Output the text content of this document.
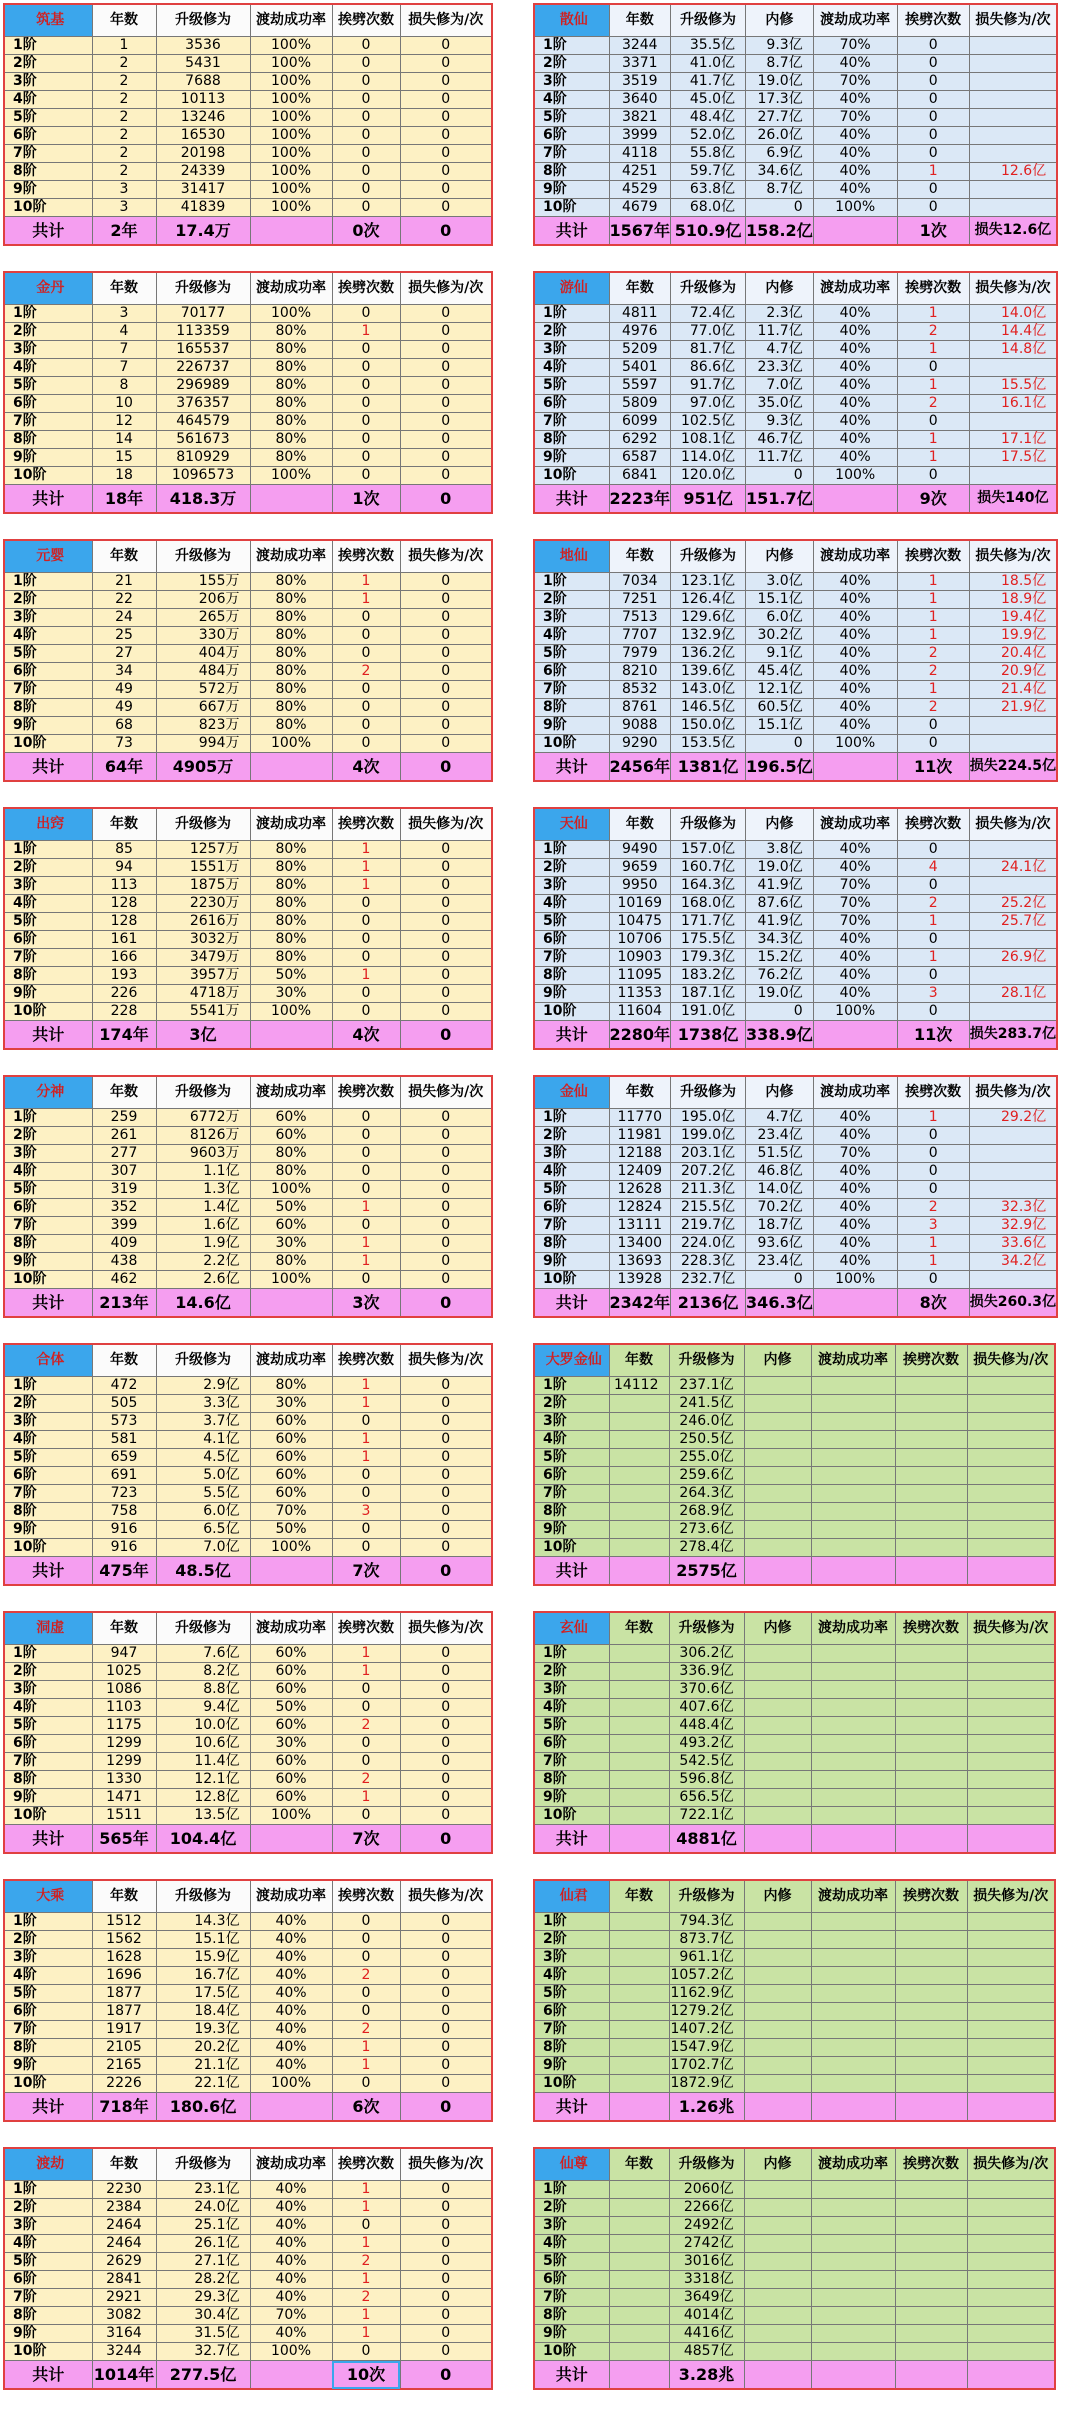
筑基	年数	升级修为	渡劫成功率	挨劈次数	损失修为/次
1阶	1	3536	100%	0	0
2阶	2	5431	100%	0	0
3阶	2	7688	100%	0	0
4阶	2	10113	100%	0	0
5阶	2	13246	100%	0	0
6阶	2	16530	100%	0	0
7阶	2	20198	100%	0	0
8阶	2	24339	100%	0	0
9阶	3	31417	100%	0	0
10阶	3	41839	100%	0	0
共计	2年	17.4万		0次	0
金丹	年数	升级修为	渡劫成功率	挨劈次数	损失修为/次
1阶	3	70177	100%	0	0
2阶	4	113359	80%	1	0
3阶	7	165537	80%	0	0
4阶	7	226737	80%	0	0
5阶	8	296989	80%	0	0
6阶	10	376357	80%	0	0
7阶	12	464579	80%	0	0
8阶	14	561673	80%	0	0
9阶	15	810929	80%	0	0
10阶	18	1096573	100%	0	0
共计	18年	418.3万		1次	0
元婴	年数	升级修为	渡劫成功率	挨劈次数	损失修为/次
1阶	21	155万	80%	1	0
2阶	22	206万	80%	1	0
3阶	24	265万	80%	0	0
4阶	25	330万	80%	0	0
5阶	27	404万	80%	0	0
6阶	34	484万	80%	2	0
7阶	49	572万	80%	0	0
8阶	49	667万	80%	0	0
9阶	68	823万	80%	0	0
10阶	73	994万	100%	0	0
共计	64年	4905万		4次	0
出窍	年数	升级修为	渡劫成功率	挨劈次数	损失修为/次
1阶	85	1257万	80%	1	0
2阶	94	1551万	80%	1	0
3阶	113	1875万	80%	1	0
4阶	128	2230万	80%	0	0
5阶	128	2616万	80%	0	0
6阶	161	3032万	80%	0	0
7阶	166	3479万	80%	0	0
8阶	193	3957万	50%	1	0
9阶	226	4718万	30%	0	0
10阶	228	5541万	100%	0	0
共计	174年	3亿		4次	0
分神	年数	升级修为	渡劫成功率	挨劈次数	损失修为/次
1阶	259	6772万	60%	0	0
2阶	261	8126万	60%	0	0
3阶	277	9603万	80%	0	0
4阶	307	1.1亿	80%	0	0
5阶	319	1.3亿	100%	0	0
6阶	352	1.4亿	50%	1	0
7阶	399	1.6亿	60%	0	0
8阶	409	1.9亿	30%	1	0
9阶	438	2.2亿	80%	1	0
10阶	462	2.6亿	100%	0	0
共计	213年	14.6亿		3次	0
合体	年数	升级修为	渡劫成功率	挨劈次数	损失修为/次
1阶	472	2.9亿	80%	1	0
2阶	505	3.3亿	30%	1	0
3阶	573	3.7亿	60%	0	0
4阶	581	4.1亿	60%	1	0
5阶	659	4.5亿	60%	1	0
6阶	691	5.0亿	60%	0	0
7阶	723	5.5亿	60%	0	0
8阶	758	6.0亿	70%	3	0
9阶	916	6.5亿	50%	0	0
10阶	916	7.0亿	100%	0	0
共计	475年	48.5亿		7次	0
洞虚	年数	升级修为	渡劫成功率	挨劈次数	损失修为/次
1阶	947	7.6亿	60%	1	0
2阶	1025	8.2亿	60%	1	0
3阶	1086	8.8亿	60%	0	0
4阶	1103	9.4亿	50%	0	0
5阶	1175	10.0亿	60%	2	0
6阶	1299	10.6亿	30%	0	0
7阶	1299	11.4亿	60%	0	0
8阶	1330	12.1亿	60%	2	0
9阶	1471	12.8亿	60%	1	0
10阶	1511	13.5亿	100%	0	0
共计	565年	104.4亿		7次	0
大乘	年数	升级修为	渡劫成功率	挨劈次数	损失修为/次
1阶	1512	14.3亿	40%	0	0
2阶	1562	15.1亿	40%	0	0
3阶	1628	15.9亿	40%	0	0
4阶	1696	16.7亿	40%	2	0
5阶	1877	17.5亿	40%	0	0
6阶	1877	18.4亿	40%	0	0
7阶	1917	19.3亿	40%	2	0
8阶	2105	20.2亿	40%	1	0
9阶	2165	21.1亿	40%	1	0
10阶	2226	22.1亿	100%	0	0
共计	718年	180.6亿		6次	0
渡劫	年数	升级修为	渡劫成功率	挨劈次数	损失修为/次
1阶	2230	23.1亿	40%	1	0
2阶	2384	24.0亿	40%	1	0
3阶	2464	25.1亿	40%	0	0
4阶	2464	26.1亿	40%	1	0
5阶	2629	27.1亿	40%	2	0
6阶	2841	28.2亿	40%	1	0
7阶	2921	29.3亿	40%	2	0
8阶	3082	30.4亿	70%	1	0
9阶	3164	31.5亿	40%	1	0
10阶	3244	32.7亿	100%	0	0
共计	1014年	277.5亿		10次	0
散仙	年数	升级修为	内修	渡劫成功率	挨劈次数	损失修为/次
1阶	3244	35.5亿	9.3亿	70%	0	
2阶	3371	41.0亿	8.7亿	40%	0	
3阶	3519	41.7亿	19.0亿	70%	0	
4阶	3640	45.0亿	17.3亿	40%	0	
5阶	3821	48.4亿	27.7亿	70%	0	
6阶	3999	52.0亿	26.0亿	40%	0	
7阶	4118	55.8亿	6.9亿	40%	0	
8阶	4251	59.7亿	34.6亿	40%	1	12.6亿
9阶	4529	63.8亿	8.7亿	40%	0	
10阶	4679	68.0亿	0	100%	0	
共计	1567年	510.9亿	158.2亿		1次	损失12.6亿
游仙	年数	升级修为	内修	渡劫成功率	挨劈次数	损失修为/次
1阶	4811	72.4亿	2.3亿	40%	1	14.0亿
2阶	4976	77.0亿	11.7亿	40%	2	14.4亿
3阶	5209	81.7亿	4.7亿	40%	1	14.8亿
4阶	5401	86.6亿	23.3亿	40%	0	
5阶	5597	91.7亿	7.0亿	40%	1	15.5亿
6阶	5809	97.0亿	35.0亿	40%	2	16.1亿
7阶	6099	102.5亿	9.3亿	40%	0	
8阶	6292	108.1亿	46.7亿	40%	1	17.1亿
9阶	6587	114.0亿	11.7亿	40%	1	17.5亿
10阶	6841	120.0亿	0	100%	0	
共计	2223年	951亿	151.7亿		9次	损失140亿
地仙	年数	升级修为	内修	渡劫成功率	挨劈次数	损失修为/次
1阶	7034	123.1亿	3.0亿	40%	1	18.5亿
2阶	7251	126.4亿	15.1亿	40%	1	18.9亿
3阶	7513	129.6亿	6.0亿	40%	1	19.4亿
4阶	7707	132.9亿	30.2亿	40%	1	19.9亿
5阶	7979	136.2亿	9.1亿	40%	2	20.4亿
6阶	8210	139.6亿	45.4亿	40%	2	20.9亿
7阶	8532	143.0亿	12.1亿	40%	1	21.4亿
8阶	8761	146.5亿	60.5亿	40%	2	21.9亿
9阶	9088	150.0亿	15.1亿	40%	0	
10阶	9290	153.5亿	0	100%	0	
共计	2456年	1381亿	196.5亿		11次	损失224.5亿
天仙	年数	升级修为	内修	渡劫成功率	挨劈次数	损失修为/次
1阶	9490	157.0亿	3.8亿	40%	0	
2阶	9659	160.7亿	19.0亿	40%	4	24.1亿
3阶	9950	164.3亿	41.9亿	70%	0	
4阶	10169	168.0亿	87.6亿	70%	2	25.2亿
5阶	10475	171.7亿	41.9亿	70%	1	25.7亿
6阶	10706	175.5亿	34.3亿	40%	0	
7阶	10903	179.3亿	15.2亿	40%	1	26.9亿
8阶	11095	183.2亿	76.2亿	40%	0	
9阶	11353	187.1亿	19.0亿	40%	3	28.1亿
10阶	11604	191.0亿	0	100%	0	
共计	2280年	1738亿	338.9亿		11次	损失283.7亿
金仙	年数	升级修为	内修	渡劫成功率	挨劈次数	损失修为/次
1阶	11770	195.0亿	4.7亿	40%	1	29.2亿
2阶	11981	199.0亿	23.4亿	40%	0	
3阶	12188	203.1亿	51.5亿	70%	0	
4阶	12409	207.2亿	46.8亿	40%	0	
5阶	12628	211.3亿	14.0亿	40%	0	
6阶	12824	215.5亿	70.2亿	40%	2	32.3亿
7阶	13111	219.7亿	18.7亿	40%	3	32.9亿
8阶	13400	224.0亿	93.6亿	40%	1	33.6亿
9阶	13693	228.3亿	23.4亿	40%	1	34.2亿
10阶	13928	232.7亿	0	100%	0	
共计	2342年	2136亿	346.3亿		8次	损失260.3亿
大罗金仙	年数	升级修为	内修	渡劫成功率	挨劈次数	损失修为/次
1阶	14112	237.1亿				
2阶		241.5亿				
3阶		246.0亿				
4阶		250.5亿				
5阶		255.0亿				
6阶		259.6亿				
7阶		264.3亿				
8阶		268.9亿				
9阶		273.6亿				
10阶		278.4亿				
共计		2575亿				
玄仙	年数	升级修为	内修	渡劫成功率	挨劈次数	损失修为/次
1阶		306.2亿				
2阶		336.9亿				
3阶		370.6亿				
4阶		407.6亿				
5阶		448.4亿				
6阶		493.2亿				
7阶		542.5亿				
8阶		596.8亿				
9阶		656.5亿				
10阶		722.1亿				
共计		4881亿				
仙君	年数	升级修为	内修	渡劫成功率	挨劈次数	损失修为/次
1阶		794.3亿				
2阶		873.7亿				
3阶		961.1亿				
4阶		1057.2亿				
5阶		1162.9亿				
6阶		1279.2亿				
7阶		1407.2亿				
8阶		1547.9亿				
9阶		1702.7亿				
10阶		1872.9亿				
共计		1.26兆				
仙尊	年数	升级修为	内修	渡劫成功率	挨劈次数	损失修为/次
1阶		2060亿				
2阶		2266亿				
3阶		2492亿				
4阶		2742亿				
5阶		3016亿				
6阶		3318亿				
7阶		3649亿				
8阶		4014亿				
9阶		4416亿				
10阶		4857亿				
共计		3.28兆				
